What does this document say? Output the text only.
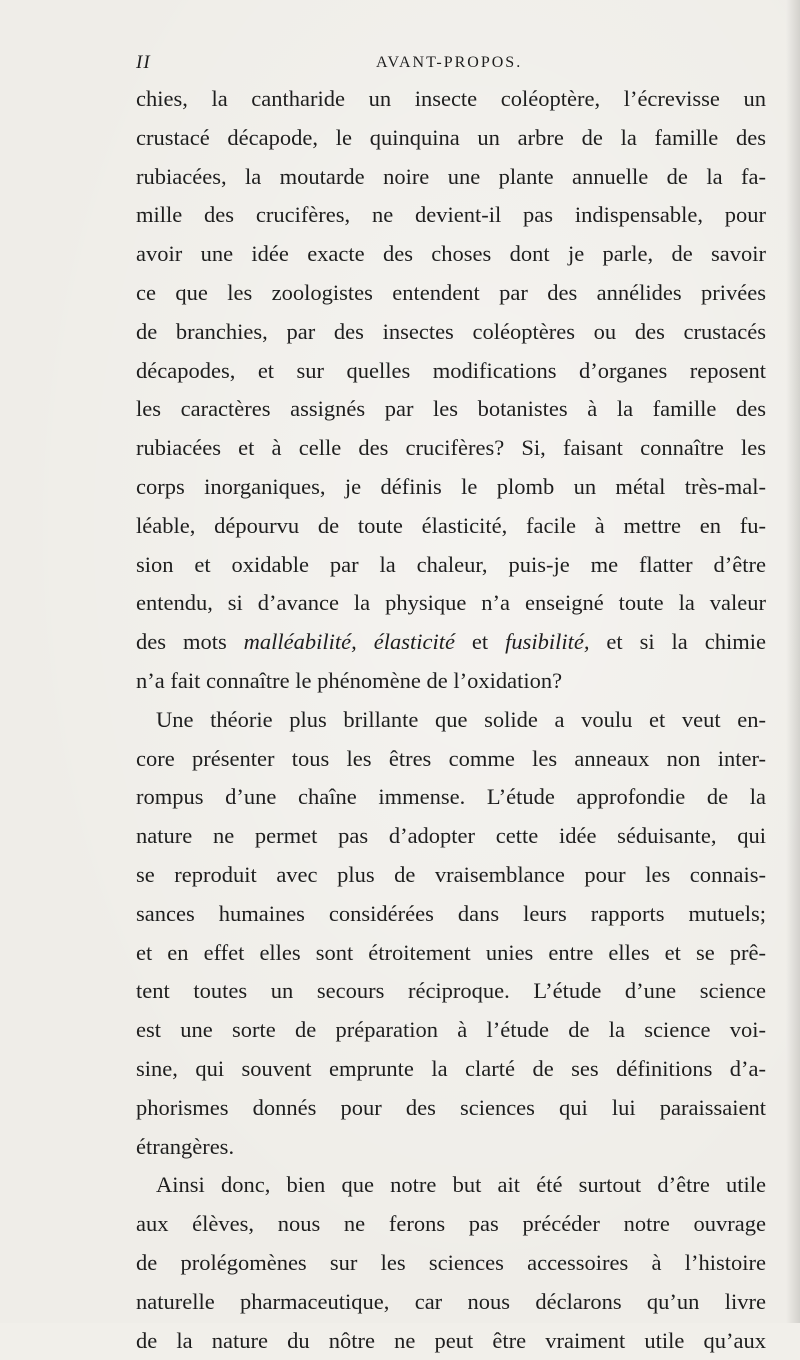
II	AVANT-PROPOS.
chies, la cantharide un insecte coléoptère, l’écrevisse un
crustacé décapode, le quinquina un arbre de la famille des
rubiacées, la moutarde noire une plante annuelle de la fa-
mille des crucifères, ne devient-il pas indispensable, pour
avoir une idée exacte des choses dont je parle, de savoir
ce que les zoologistes entendent par des annélides privées
de branchies, par des insectes coléoptères ou des crustacés
décapodes, et sur quelles modifications d’organes reposent
les caractères assignés par les botanistes à la famille des
rubiacées et à celle des crucifères? Si, faisant connaître les
corps inorganiques, je définis le plomb un métal très-mal-
léable, dépourvu de toute élasticité, facile à mettre en fu-
sion et oxidable par la chaleur, puis-je me flatter d’être
entendu, si d’avance la physique n’a enseigné toute la valeur
des mots malléabilité, élasticité et fusibilité, et si la chimie
n’a fait connaître le phénomène de l’oxidation?
Une théorie plus brillante que solide a voulu et veut en-
core présenter tous les êtres comme les anneaux non inter-
rompus d’une chaîne immense. L’étude approfondie de la
nature ne permet pas d’adopter cette idée séduisante, qui
se reproduit avec plus de vraisemblance pour les connais-
sances humaines considérées dans leurs rapports mutuels;
et en effet elles sont étroitement unies entre elles et se prê-
tent toutes un secours réciproque. L’étude d’une science
est une sorte de préparation à l’étude de la science voi-
sine, qui souvent emprunte la clarté de ses définitions d’a-
phorismes donnés pour des sciences qui lui paraissaient
étrangères.
Ainsi donc, bien que notre but ait été surtout d’être utile
aux élèves, nous ne ferons pas précéder notre ouvrage
de prolégomènes sur les sciences accessoires à l’histoire
naturelle pharmaceutique, car nous déclarons qu’un livre
de la nature du nôtre ne peut être vraiment utile qu’aux
